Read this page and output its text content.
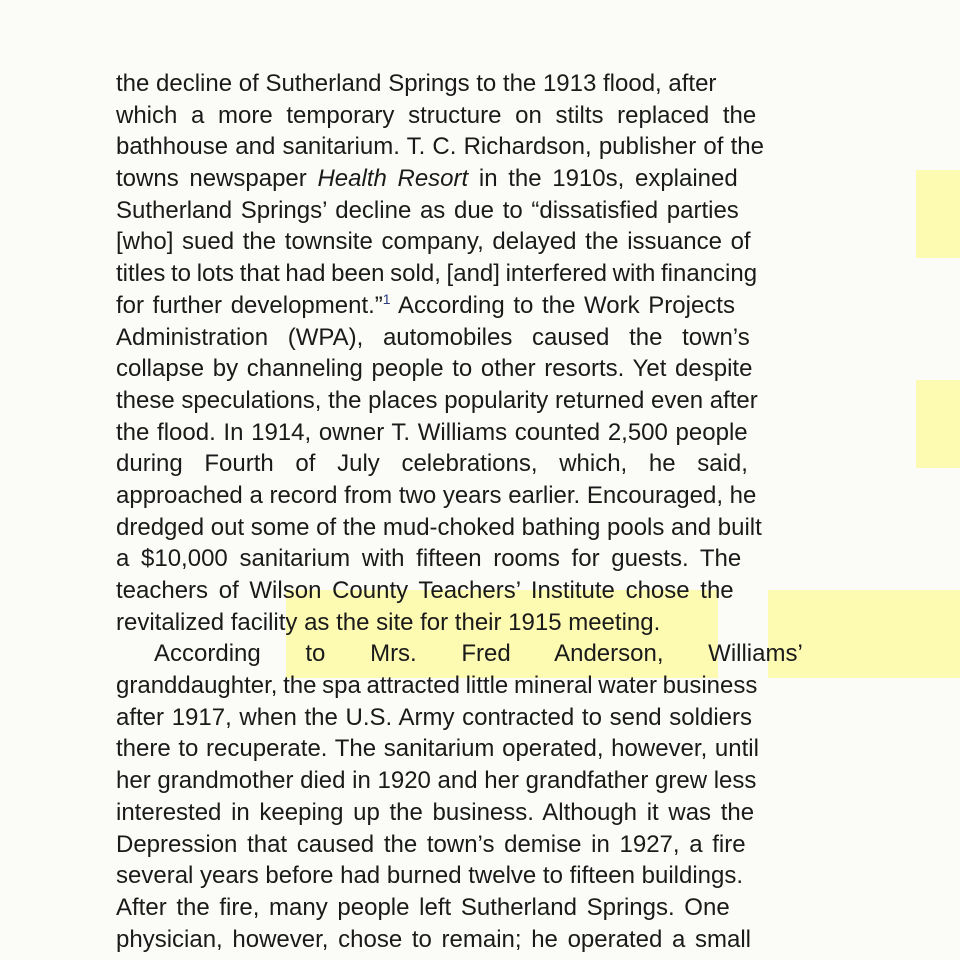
the decline of Sutherland Springs to the 1913 flood, after
which a more temporary structure on stilts replaced the
bathhouse and sanitarium. T. C. Richardson, publisher of the
towns newspaper Health Resort in the 1910s, explained
Sutherland Springs’ decline as due to “dissatisfied parties
[who] sued the townsite company, delayed the issuance of
titles to lots that had been sold, [and] interfered with financing
for further development.”$^1$ According to the Work Projects
Administration (WPA), automobiles caused the town’s
collapse by channeling people to other resorts. Yet despite
these speculations, the places popularity returned even after
the flood. In 1914, owner T. Williams counted 2,500 people
during Fourth of July celebrations, which, he said,
approached a record from two years earlier. Encouraged, he
dredged out some of the mud-choked bathing pools and built
a $10,000 sanitarium with fifteen rooms for guests. The
teachers of Wilson County Teachers’ Institute chose the
revitalized facility as the site for their 1915 meeting.
According to Mrs. Fred Anderson, Williams’
granddaughter, the spa attracted little mineral water business
after 1917, when the U.S. Army contracted to send soldiers
there to recuperate. The sanitarium operated, however, until
her grandmother died in 1920 and her grandfather grew less
interested in keeping up the business. Although it was the
Depression that caused the town’s demise in 1927, a fire
several years before had burned twelve to fifteen buildings.
After the fire, many people left Sutherland Springs. One
physician, however, chose to remain; he operated a small
